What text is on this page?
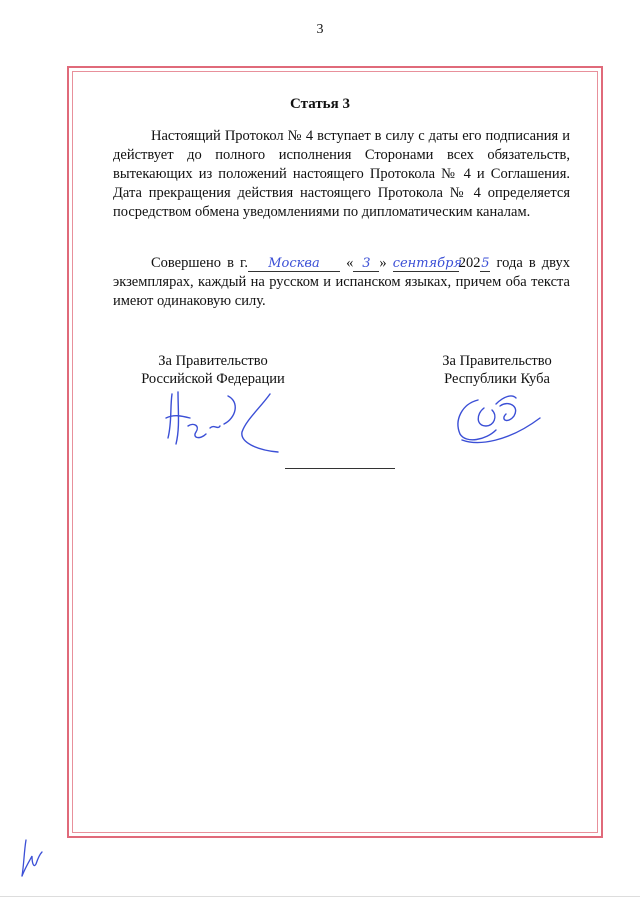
3
Статья 3
Настоящий Протокол № 4 вступает в силу с даты его подписания и действует до полного исполнения Сторонами всех обязательств, вытекающих из положений настоящего Протокола № 4 и Соглашения. Дата прекращения действия настоящего Протокола № 4 определяется посредством обмена уведомлениями по дипломатическим каналам.
Совершено в г. Москва « 3 » сентября2025 года в двух экземплярах, каждый на русском и испанском языках, причем оба текста имеют одинаковую силу.
За Правительство
Российской Федерации
За Правительство
Республики Куба
